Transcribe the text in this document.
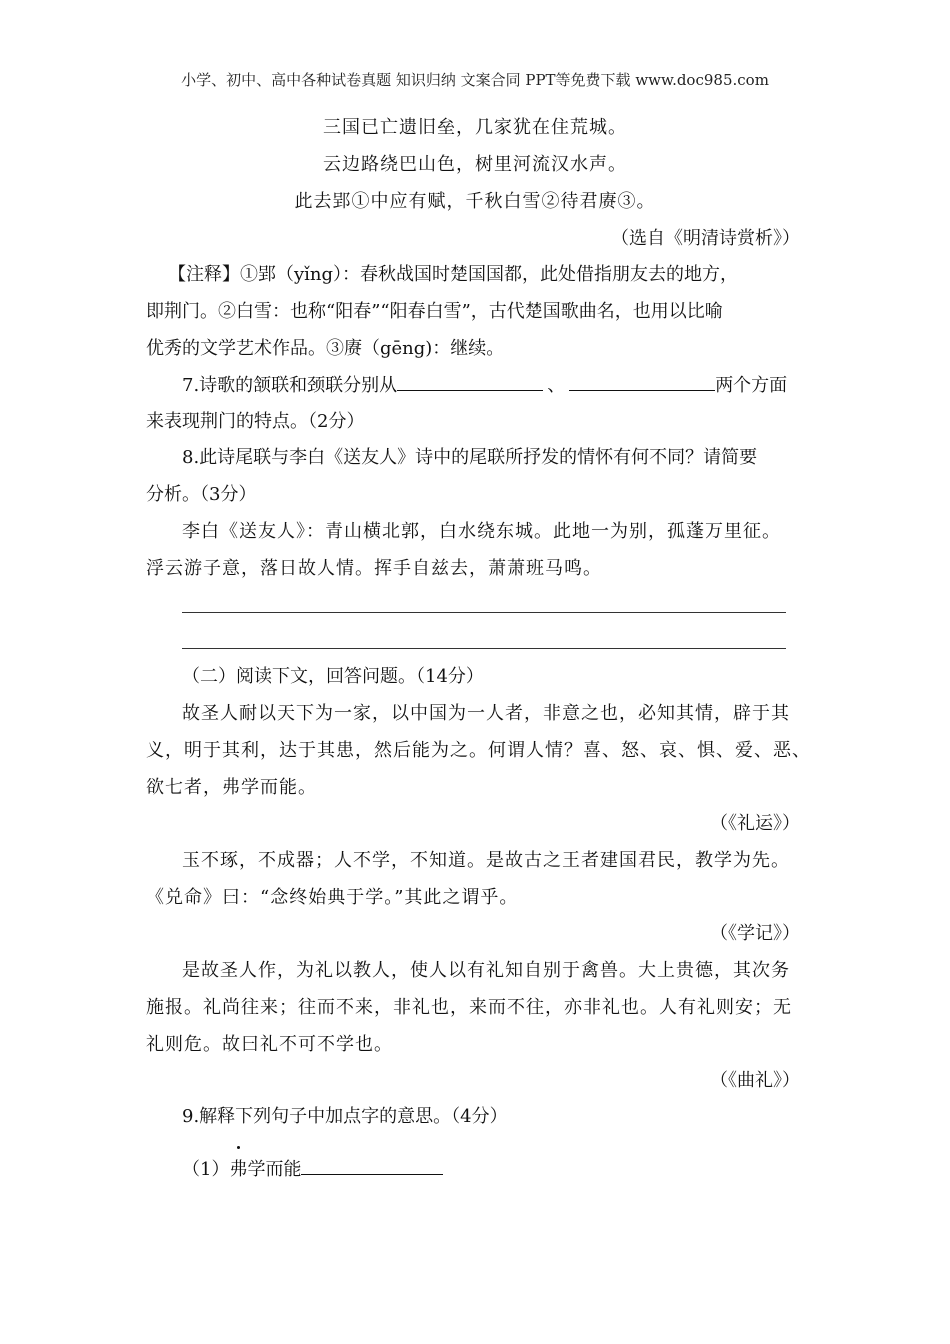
小学、初中、高中各种试卷真题 知识归纳 文案合同 PPT等免费下载 www.doc985.com
三国已亡遗旧垒，几家犹在住荒城。
云边路绕巴山色，树里河流汉水声。
此去郢①中应有赋，千秋白雪②待君赓③。
（选自《明清诗赏析》）
【注释】①郢（yǐng）：春秋战国时楚国国都，此处借指朋友去的地方，
即荆门。②白雪：也称“阳春”“阳春白雪”，古代楚国歌曲名，也用以比喻
优秀的文学艺术作品。③赓（gēng)：继续。
7.诗歌的颔联和颈联分别从	、	两个方面
来表现荆门的特点。（2分）
8.此诗尾联与李白《送友人》诗中的尾联所抒发的情怀有何不同？请简要
分析。（3分）
李白《送友人》：青山横北郭，白水绕东城。此地一为别，孤蓬万里征。
浮云游子意，落日故人情。挥手自兹去，萧萧班马鸣。
（二）阅读下文，回答问题。（14分）
故圣人耐以天下为一家，以中国为一人者，非意之也，必知其情，辟于其
义，明于其利，达于其患，然后能为之。何谓人情？喜、怒、哀、惧、爱、恶、
欲七者，弗学而能。
（《礼运》）
玉不琢，不成器；人不学，不知道。是故古之王者建国君民，教学为先。
《兑命》曰：“念终始典于学。”其此之谓乎。
（《学记》）
是故圣人作，为礼以教人，使人以有礼知自别于禽兽。大上贵德，其次务
施报。礼尚往来；往而不来，非礼也，来而不往，亦非礼也。人有礼则安；无
礼则危。故曰礼不可不学也。
（《曲礼》）
9.解释下列句子中加点字的意思。（4分）
（1）弗学而能
